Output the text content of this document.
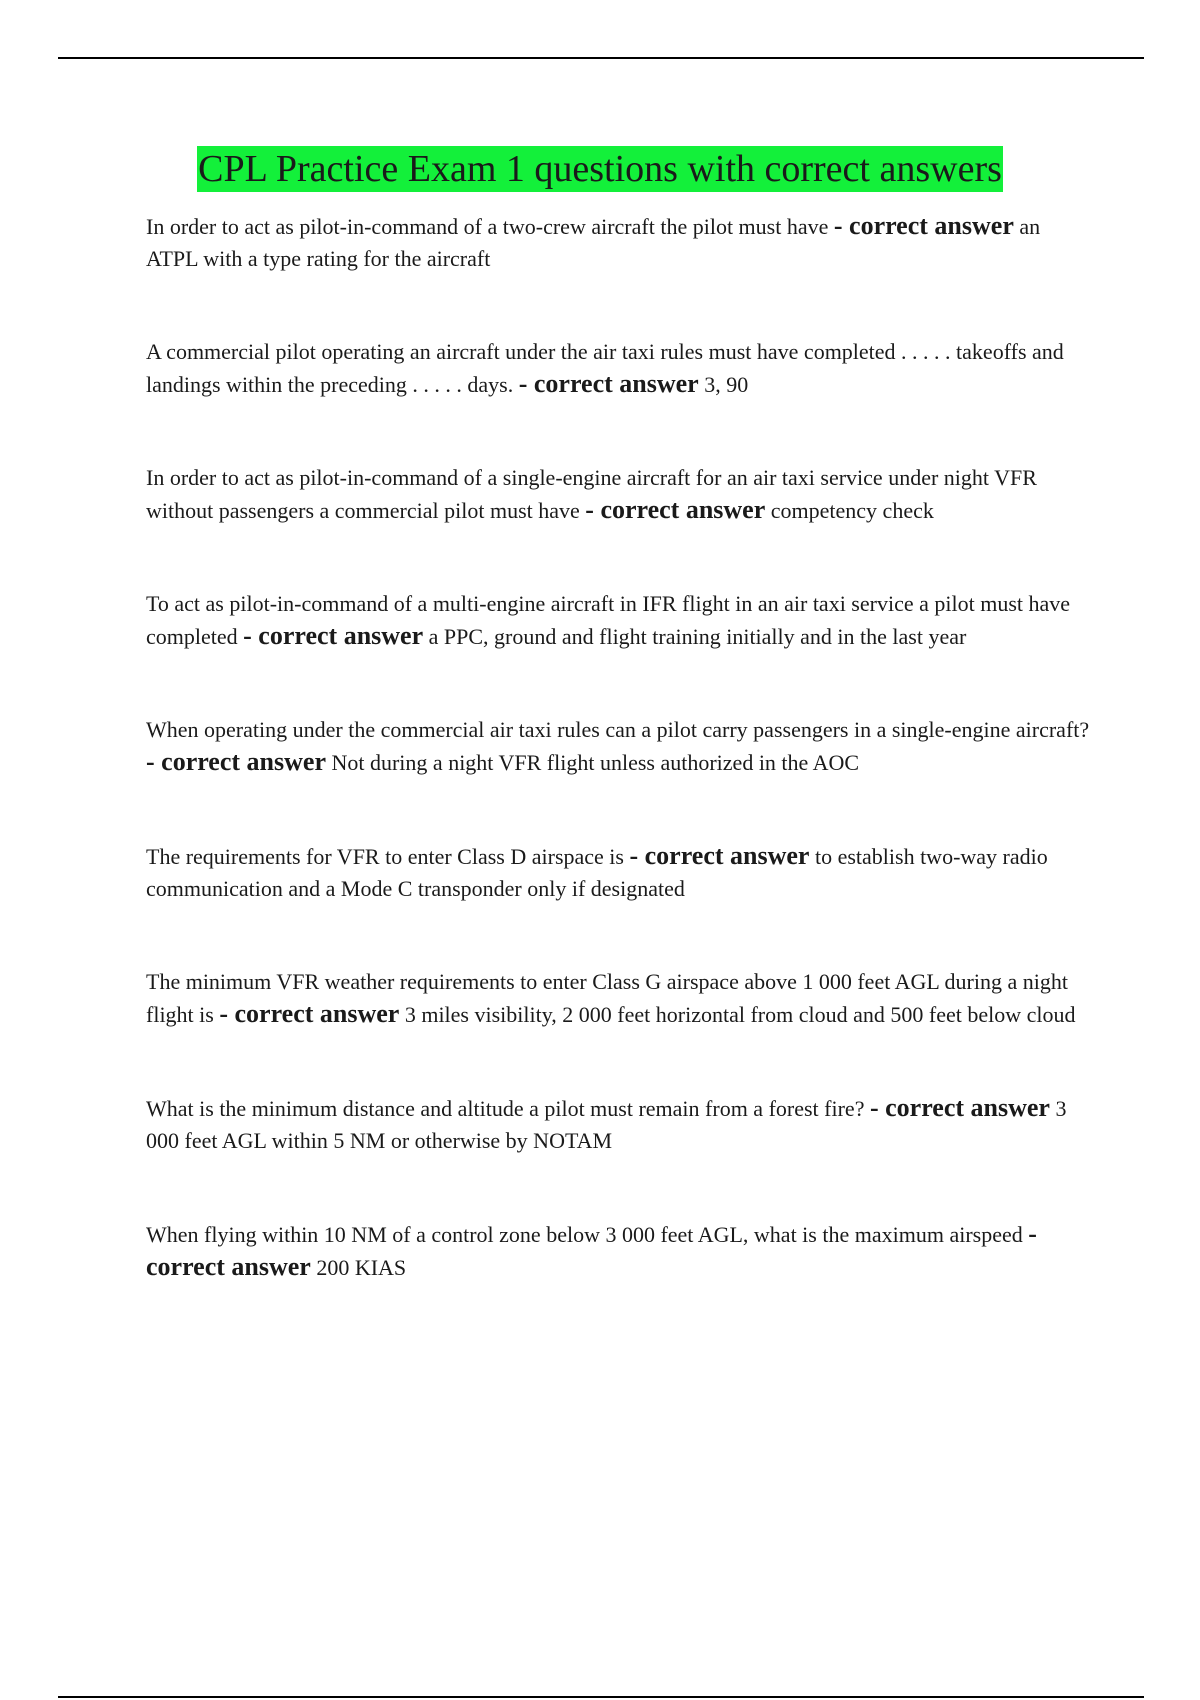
CPL Practice Exam 1 questions with correct answers

In order to act as pilot-in-command of a two-crew aircraft the pilot must have - correct answer an ATPL with a type rating for the aircraft

A commercial pilot operating an aircraft under the air taxi rules must have completed . . . . . takeoffs and landings within the preceding . . . . . days. - correct answer 3, 90

In order to act as pilot-in-command of a single-engine aircraft for an air taxi service under night VFR without passengers a commercial pilot must have - correct answer competency check

To act as pilot-in-command of a multi-engine aircraft in IFR flight in an air taxi service a pilot must have completed - correct answer a PPC, ground and flight training initially and in the last year

When operating under the commercial air taxi rules can a pilot carry passengers in a single-engine aircraft? - correct answer Not during a night VFR flight unless authorized in the AOC

The requirements for VFR to enter Class D airspace is - correct answer to establish two-way radio communication and a Mode C transponder only if designated

The minimum VFR weather requirements to enter Class G airspace above 1 000 feet AGL during a night flight is - correct answer 3 miles visibility, 2 000 feet horizontal from cloud and 500 feet below cloud

What is the minimum distance and altitude a pilot must remain from a forest fire? - correct answer 3 000 feet AGL within 5 NM or otherwise by NOTAM

When flying within 10 NM of a control zone below 3 000 feet AGL, what is the maximum airspeed - correct answer 200 KIAS
